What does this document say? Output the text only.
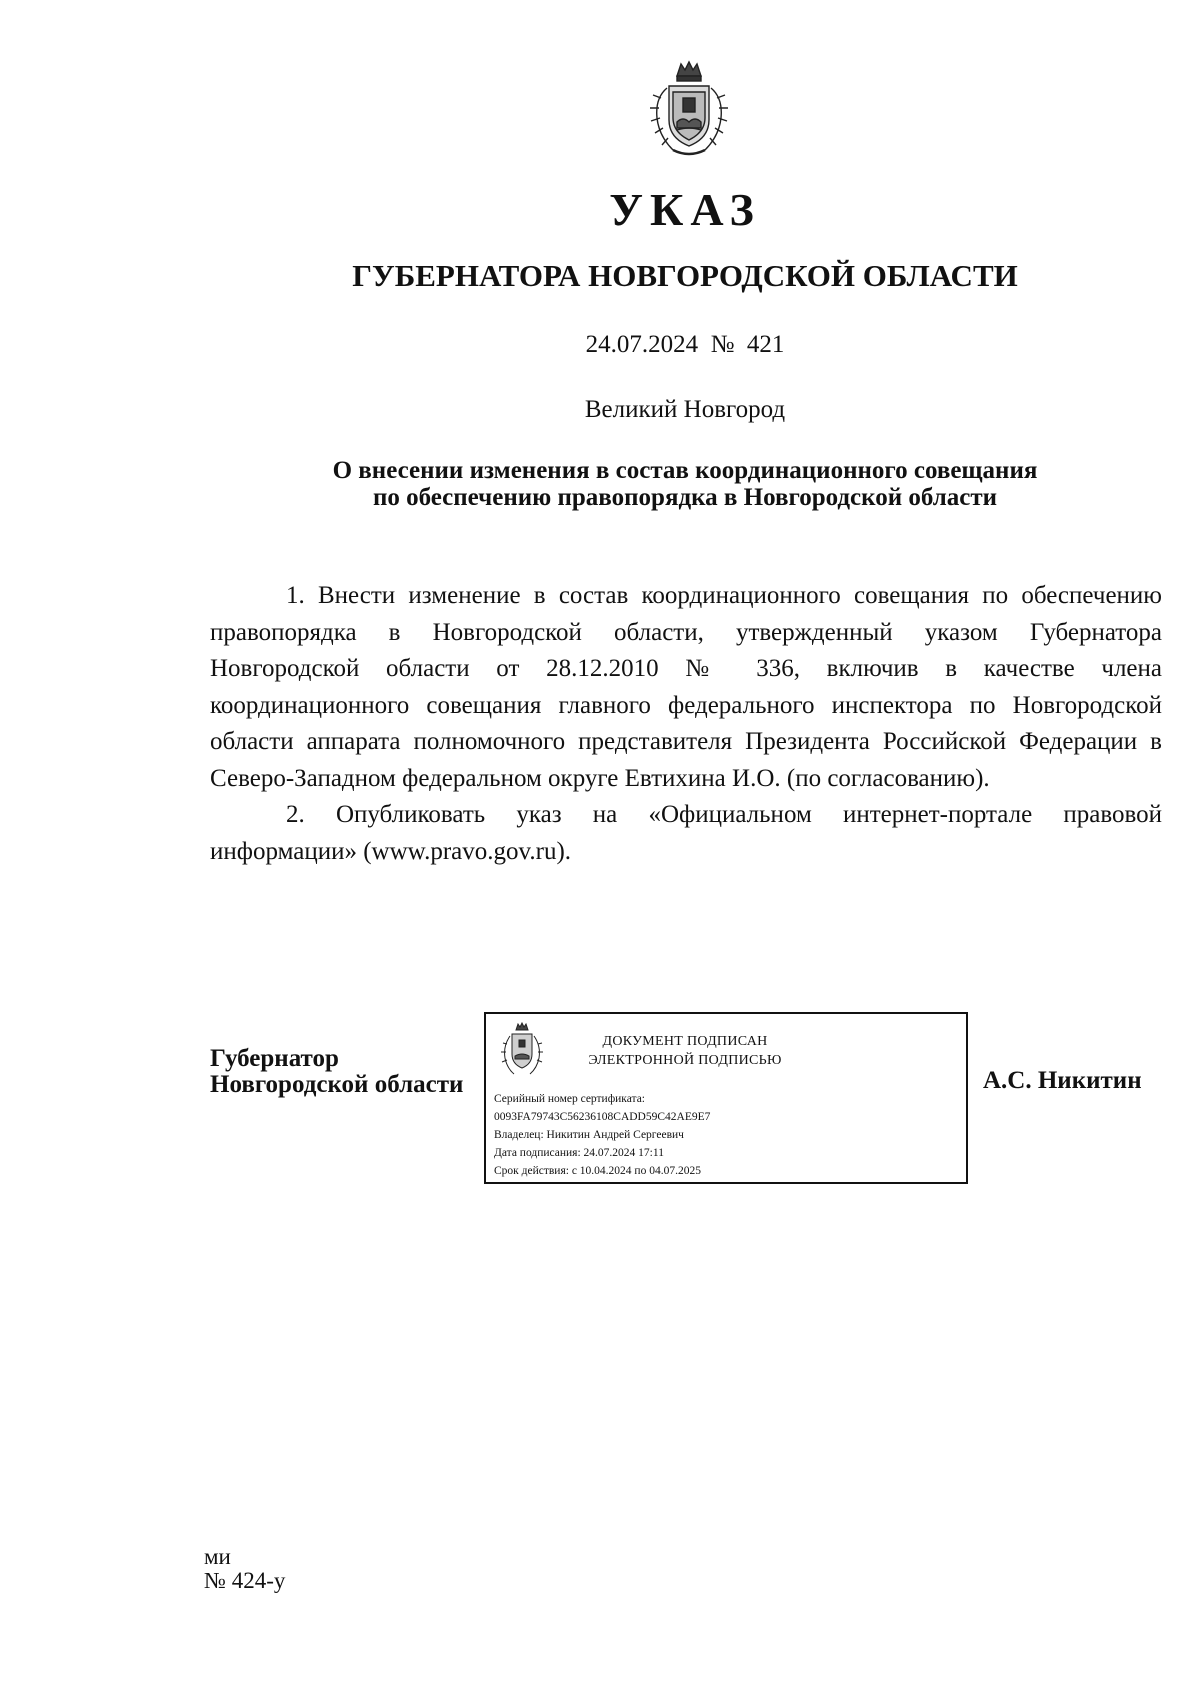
УКАЗ
ГУБЕРНАТОРА НОВГОРОДСКОЙ ОБЛАСТИ
24.07.2024 № 421
Великий Новгород
О внесении изменения в состав координационного совещания
по обеспечению правопорядка в Новгородской области

1. Внести изменение в состав координационного совещания по обеспечению правопорядка в Новгородской области, утвержденный указом Губернатора Новгородской области от 28.12.2010 № 336, включив в качестве члена координационного совещания главного федерального инспектора по Новгородской области аппарата полномочного представителя Президента Российской Федерации в Северо-Западном федеральном округе Евтихина И.О. (по согласованию).

2. Опубликовать указ на «Официальном интернет-портале правовой информации» (www.pravo.gov.ru).

Губернатор
Новгородской области
ДОКУМЕНТ ПОДПИСАН
ЭЛЕКТРОННОЙ ПОДПИСЬЮ
Серийный номер сертификата:
0093FA79743C56236108CADD59C42AE9E7
Владелец: Никитин Андрей Сергеевич
Дата подписания: 24.07.2024 17:11
Срок действия: с 10.04.2024 по 04.07.2025
А.С. Никитин
ми
№ 424-у
